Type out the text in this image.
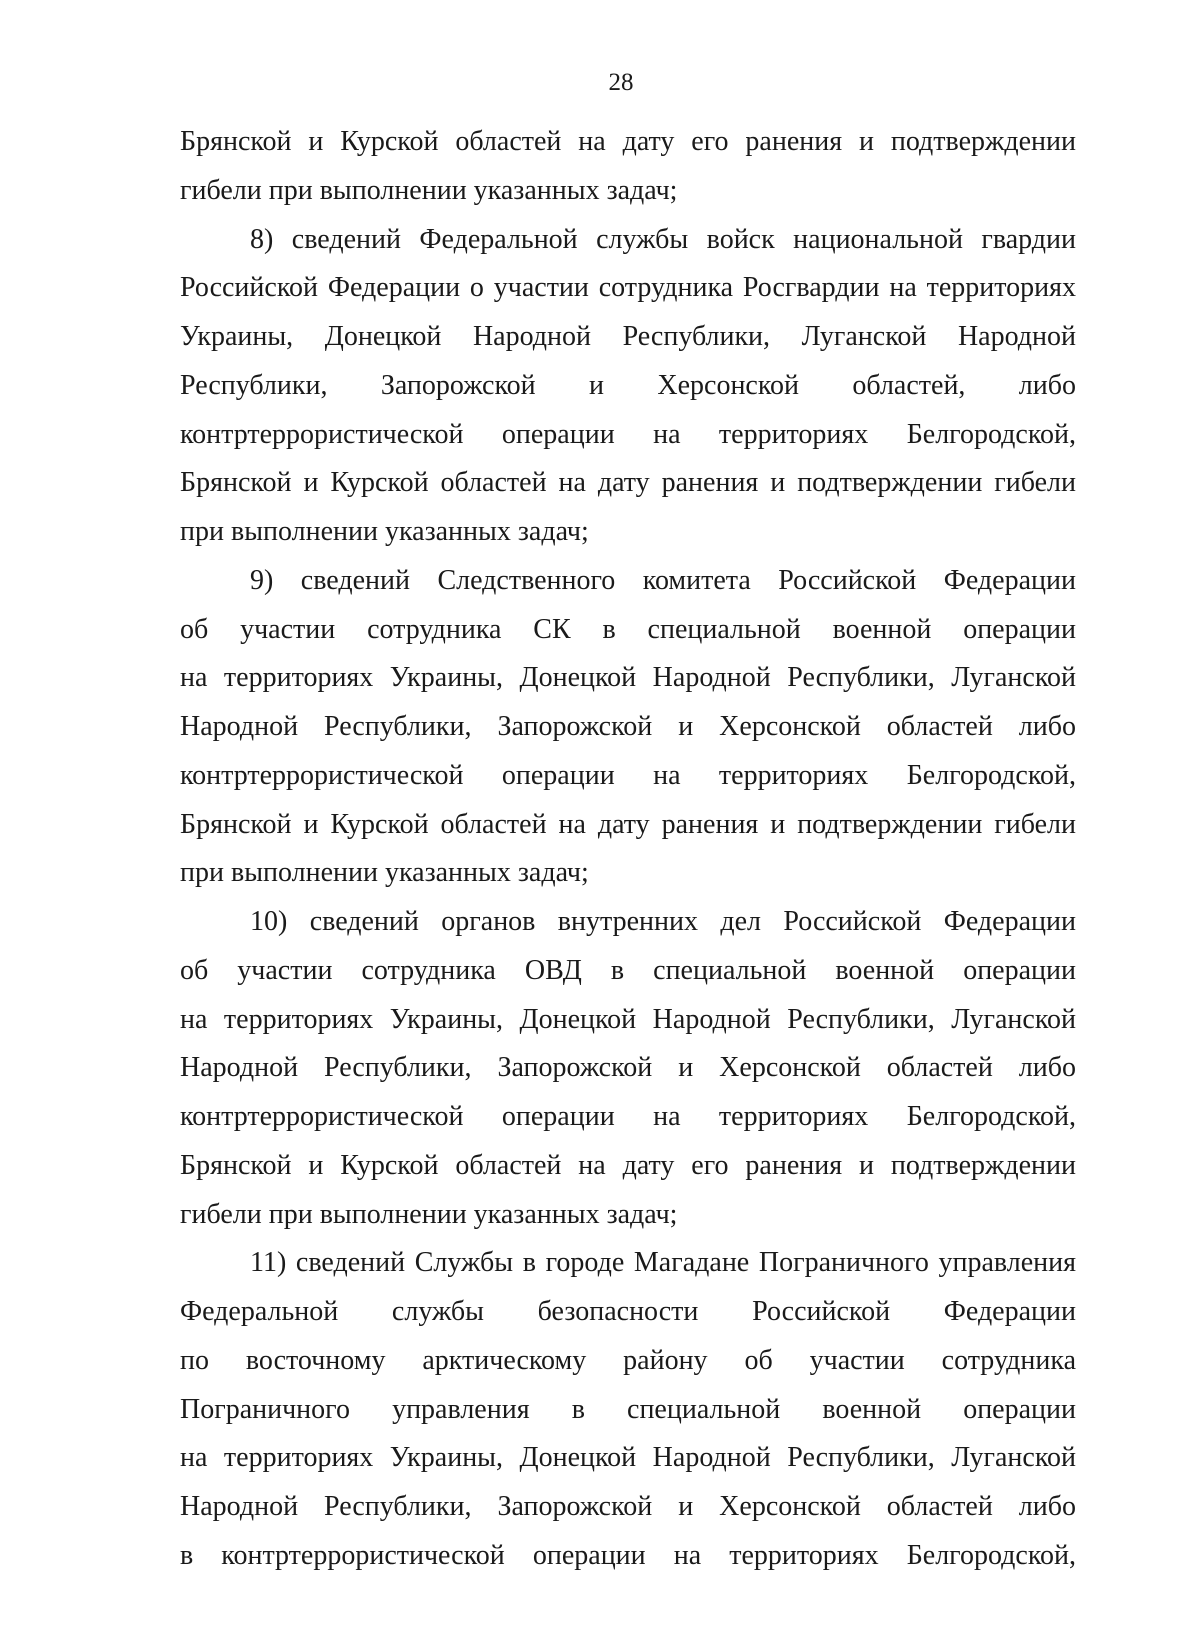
28
Брянской и Курской областей на дату его ранения и подтверждении
гибели при выполнении указанных задач;
8) сведений Федеральной службы войск национальной гвардии
Российской Федерации о участии сотрудника Росгвардии на территориях
Украины, Донецкой Народной Республики, Луганской Народной
Республики, Запорожской и Херсонской областей, либо
контртеррористической операции на территориях Белгородской,
Брянской и Курской областей на дату ранения и подтверждении гибели
при выполнении указанных задач;
9) сведений Следственного комитета Российской Федерации
об участии сотрудника СК в специальной военной операции
на территориях Украины, Донецкой Народной Республики, Луганской
Народной Республики, Запорожской и Херсонской областей либо
контртеррористической операции на территориях Белгородской,
Брянской и Курской областей на дату ранения и подтверждении гибели
при выполнении указанных задач;
10) сведений органов внутренних дел Российской Федерации
об участии сотрудника ОВД в специальной военной операции
на территориях Украины, Донецкой Народной Республики, Луганской
Народной Республики, Запорожской и Херсонской областей либо
контртеррористической операции на территориях Белгородской,
Брянской и Курской областей на дату его ранения и подтверждении
гибели при выполнении указанных задач;
11) сведений Службы в городе Магадане Пограничного управления
Федеральной службы безопасности Российской Федерации
по восточному арктическому району об участии сотрудника
Пограничного управления в специальной военной операции
на территориях Украины, Донецкой Народной Республики, Луганской
Народной Республики, Запорожской и Херсонской областей либо
в контртеррористической операции на территориях Белгородской,
